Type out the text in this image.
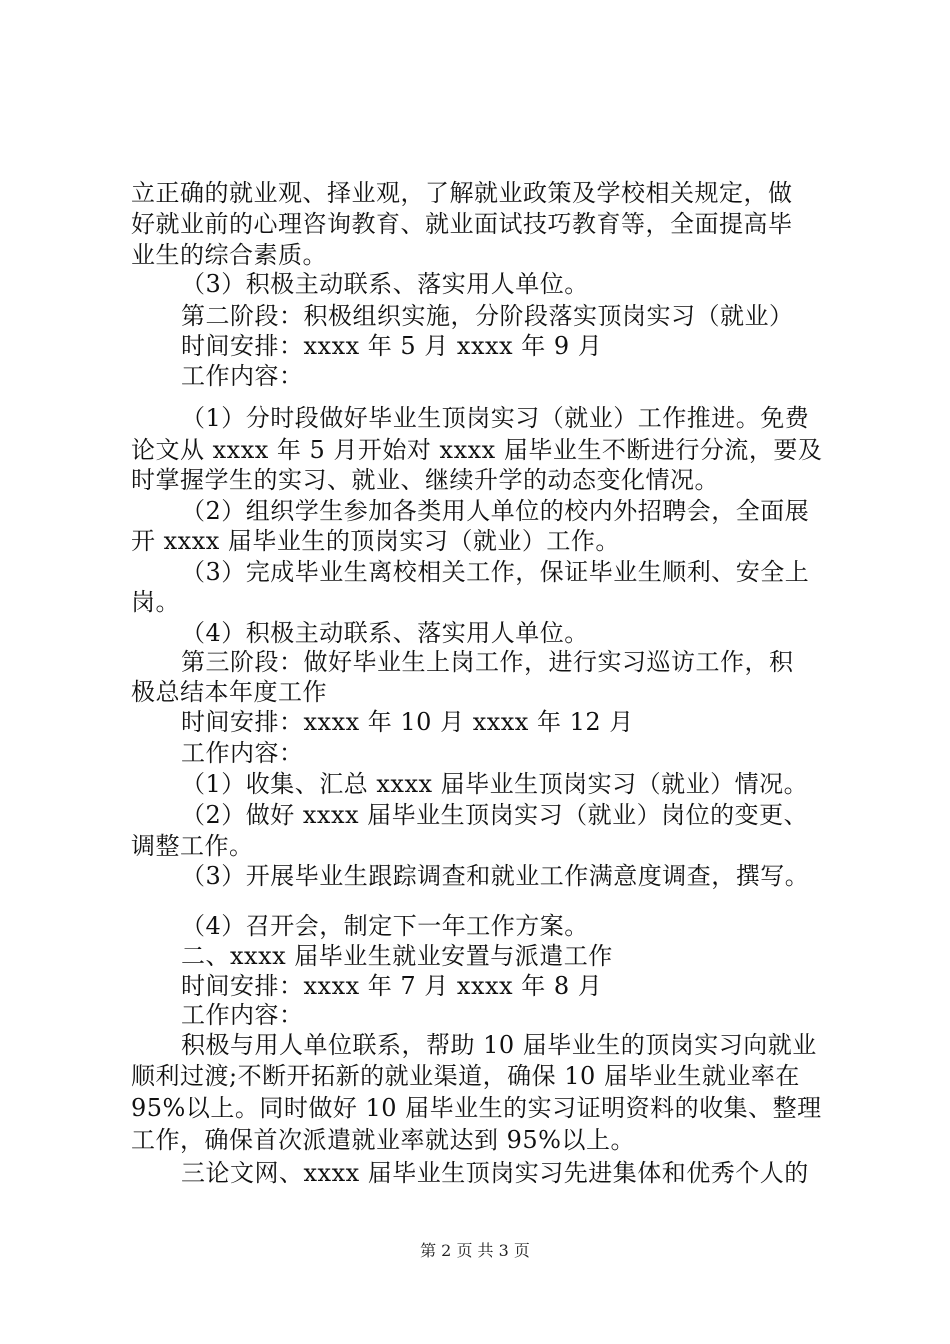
立正确的就业观、择业观，了解就业政策及学校相关规定，做
好就业前的心理咨询教育、就业面试技巧教育等，全面提高毕
业生的综合素质。
（3）积极主动联系、落实用人单位。
第二阶段：积极组织实施，分阶段落实顶岗实习（就业）
时间安排：xxxx 年 5 月 xxxx 年 9 月
工作内容：
（1）分时段做好毕业生顶岗实习（就业）工作推进。免费
论文从 xxxx 年 5 月开始对 xxxx 届毕业生不断进行分流，要及
时掌握学生的实习、就业、继续升学的动态变化情况。
（2）组织学生参加各类用人单位的校内外招聘会，全面展
开 xxxx 届毕业生的顶岗实习（就业）工作。
（3）完成毕业生离校相关工作，保证毕业生顺利、安全上
岗。
（4）积极主动联系、落实用人单位。
第三阶段：做好毕业生上岗工作，进行实习巡访工作，积
极总结本年度工作
时间安排：xxxx 年 10 月 xxxx 年 12 月
工作内容：
（1）收集、汇总 xxxx 届毕业生顶岗实习（就业）情况。
（2）做好 xxxx 届毕业生顶岗实习（就业）岗位的变更、
调整工作。
（3）开展毕业生跟踪调查和就业工作满意度调查，撰写。
（4）召开会，制定下一年工作方案。
二、xxxx 届毕业生就业安置与派遣工作
时间安排：xxxx 年 7 月 xxxx 年 8 月
工作内容：
积极与用人单位联系，帮助 10 届毕业生的顶岗实习向就业
顺利过渡;不断开拓新的就业渠道，确保 10 届毕业生就业率在
95%以上。同时做好 10 届毕业生的实习证明资料的收集、整理
工作，确保首次派遣就业率就达到 95%以上。
三论文网、xxxx 届毕业生顶岗实习先进集体和优秀个人的
第 2 页 共 3 页
